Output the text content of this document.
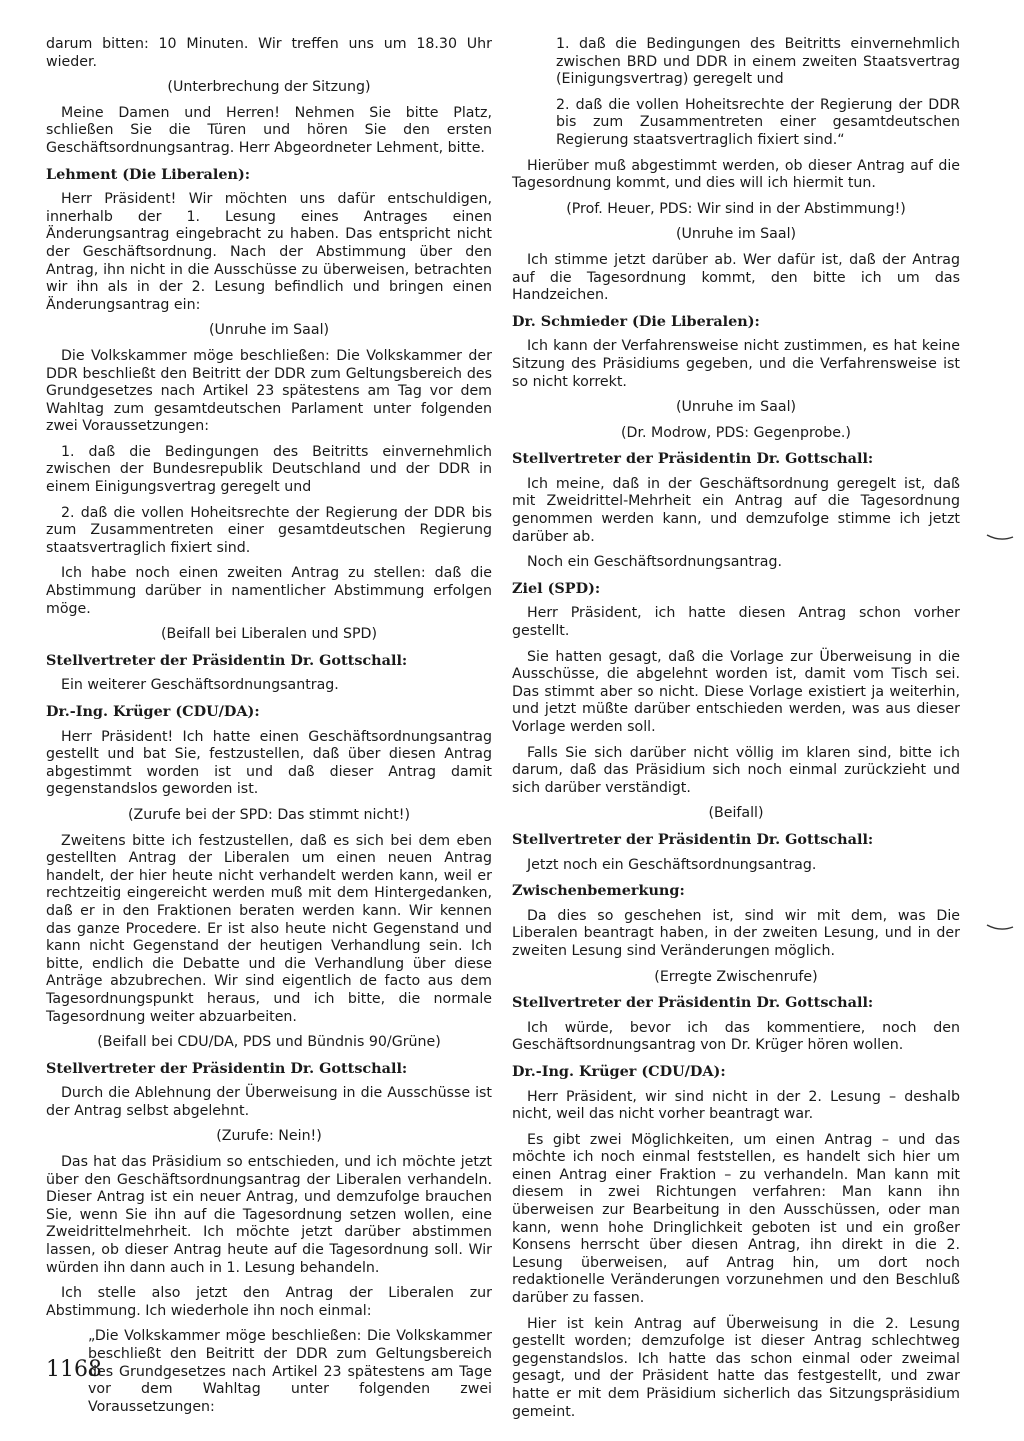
darum bitten: 10 Minuten. Wir treffen uns um 18.30 Uhr wieder.

(Unterbrechung der Sitzung)

Meine Damen und Herren! Nehmen Sie bitte Platz, schließen Sie die Türen und hören Sie den ersten Geschäftsordnungsantrag. Herr Abgeordneter Lehment, bitte.

Lehment (Die Liberalen):

Herr Präsident! Wir möchten uns dafür entschuldigen, innerhalb der 1. Lesung eines Antrages einen Änderungsantrag eingebracht zu haben. Das entspricht nicht der Geschäftsordnung. Nach der Abstimmung über den Antrag, ihn nicht in die Ausschüsse zu überweisen, betrachten wir ihn als in der 2. Lesung befindlich und bringen einen Änderungsantrag ein:

(Unruhe im Saal)

Die Volkskammer möge beschließen: Die Volkskammer der DDR beschließt den Beitritt der DDR zum Geltungsbereich des Grundgesetzes nach Artikel 23 spätestens am Tag vor dem Wahltag zum gesamtdeutschen Parlament unter folgenden zwei Voraussetzungen:

1. daß die Bedingungen des Beitritts einvernehmlich zwischen der Bundesrepublik Deutschland und der DDR in einem Einigungsvertrag geregelt und

2. daß die vollen Hoheitsrechte der Regierung der DDR bis zum Zusammentreten einer gesamtdeutschen Regierung staatsvertraglich fixiert sind.

Ich habe noch einen zweiten Antrag zu stellen: daß die Abstimmung darüber in namentlicher Abstimmung erfolgen möge.

(Beifall bei Liberalen und SPD)
Stellvertreter der Präsidentin Dr. Gottschall:

Ein weiterer Geschäftsordnungsantrag.

Dr.-Ing. Krüger (CDU/DA):

Herr Präsident! Ich hatte einen Geschäftsordnungsantrag gestellt und bat Sie, festzustellen, daß über diesen Antrag abgestimmt worden ist und daß dieser Antrag damit gegenstandslos geworden ist.

(Zurufe bei der SPD: Das stimmt nicht!)

Zweitens bitte ich festzustellen, daß es sich bei dem eben gestellten Antrag der Liberalen um einen neuen Antrag handelt, der hier heute nicht verhandelt werden kann, weil er rechtzeitig eingereicht werden muß mit dem Hintergedanken, daß er in den Fraktionen beraten werden kann. Wir kennen das ganze Procedere. Er ist also heute nicht Gegenstand und kann nicht Gegenstand der heutigen Verhandlung sein. Ich bitte, endlich die Debatte und die Verhandlung über diese Anträge abzubrechen. Wir sind eigentlich de facto aus dem Tagesordnungspunkt heraus, und ich bitte, die normale Tagesordnung weiter abzuarbeiten.

(Beifall bei CDU/DA, PDS und Bündnis 90/Grüne)
Stellvertreter der Präsidentin Dr. Gottschall:

Durch die Ablehnung der Überweisung in die Ausschüsse ist der Antrag selbst abgelehnt.

(Zurufe: Nein!)

Das hat das Präsidium so entschieden, und ich möchte jetzt über den Geschäftsordnungsantrag der Liberalen verhandeln. Dieser Antrag ist ein neuer Antrag, und demzufolge brauchen Sie, wenn Sie ihn auf die Tagesordnung setzen wollen, eine Zweidrittelmehrheit. Ich möchte jetzt darüber abstimmen lassen, ob dieser Antrag heute auf die Tagesordnung soll. Wir würden ihn dann auch in 1. Lesung behandeln.

Ich stelle also jetzt den Antrag der Liberalen zur Abstimmung. Ich wiederhole ihn noch einmal:

„Die Volkskammer möge beschließen: Die Volkskammer beschließt den Beitritt der DDR zum Geltungsbereich des Grundgesetzes nach Artikel 23 spätestens am Tage vor dem Wahltag unter folgenden zwei Voraussetzungen:

1. daß die Bedingungen des Beitritts einvernehmlich zwischen BRD und DDR in einem zweiten Staatsvertrag (Einigungsvertrag) geregelt und

2. daß die vollen Hoheitsrechte der Regierung der DDR bis zum Zusammentreten einer gesamtdeutschen Regierung staatsvertraglich fixiert sind.“

Hierüber muß abgestimmt werden, ob dieser Antrag auf die Tagesordnung kommt, und dies will ich hiermit tun.

(Prof. Heuer, PDS: Wir sind in der Abstimmung!)
(Unruhe im Saal)

Ich stimme jetzt darüber ab. Wer dafür ist, daß der Antrag auf die Tagesordnung kommt, den bitte ich um das Handzeichen.

Dr. Schmieder (Die Liberalen):

Ich kann der Verfahrensweise nicht zustimmen, es hat keine Sitzung des Präsidiums gegeben, und die Verfahrensweise ist so nicht korrekt.

(Unruhe im Saal)
(Dr. Modrow, PDS: Gegenprobe.)
Stellvertreter der Präsidentin Dr. Gottschall:

Ich meine, daß in der Geschäftsordnung geregelt ist, daß mit Zweidrittel-Mehrheit ein Antrag auf die Tagesordnung genommen werden kann, und demzufolge stimme ich jetzt darüber ab.

Noch ein Geschäftsordnungsantrag.

Ziel (SPD):

Herr Präsident, ich hatte diesen Antrag schon vorher gestellt.

Sie hatten gesagt, daß die Vorlage zur Überweisung in die Ausschüsse, die abgelehnt worden ist, damit vom Tisch sei. Das stimmt aber so nicht. Diese Vorlage existiert ja weiterhin, und jetzt müßte darüber entschieden werden, was aus dieser Vorlage werden soll.

Falls Sie sich darüber nicht völlig im klaren sind, bitte ich darum, daß das Präsidium sich noch einmal zurückzieht und sich darüber verständigt.

(Beifall)
Stellvertreter der Präsidentin Dr. Gottschall:

Jetzt noch ein Geschäftsordnungsantrag.

Zwischenbemerkung:

Da dies so geschehen ist, sind wir mit dem, was Die Liberalen beantragt haben, in der zweiten Lesung, und in der zweiten Lesung sind Veränderungen möglich.

(Erregte Zwischenrufe)
Stellvertreter der Präsidentin Dr. Gottschall:

Ich würde, bevor ich das kommentiere, noch den Geschäftsordnungsantrag von Dr. Krüger hören wollen.

Dr.-Ing. Krüger (CDU/DA):

Herr Präsident, wir sind nicht in der 2. Lesung – deshalb nicht, weil das nicht vorher beantragt war.

Es gibt zwei Möglichkeiten, um einen Antrag – und das möchte ich noch einmal feststellen, es handelt sich hier um einen Antrag einer Fraktion – zu verhandeln. Man kann mit diesem in zwei Richtungen verfahren: Man kann ihn überweisen zur Bearbeitung in den Ausschüssen, oder man kann, wenn hohe Dringlichkeit geboten ist und ein großer Konsens herrscht über diesen Antrag, ihn direkt in die 2. Lesung überweisen, auf Antrag hin, um dort noch redaktionelle Veränderungen vorzunehmen und den Beschluß darüber zu fassen.

Hier ist kein Antrag auf Überweisung in die 2. Lesung gestellt worden; demzufolge ist dieser Antrag schlechtweg gegenstandslos. Ich hatte das schon einmal oder zweimal gesagt, und der Präsident hatte das festgestellt, und zwar hatte er mit dem Präsidium sicherlich das Sitzungspräsidium gemeint.

1168
